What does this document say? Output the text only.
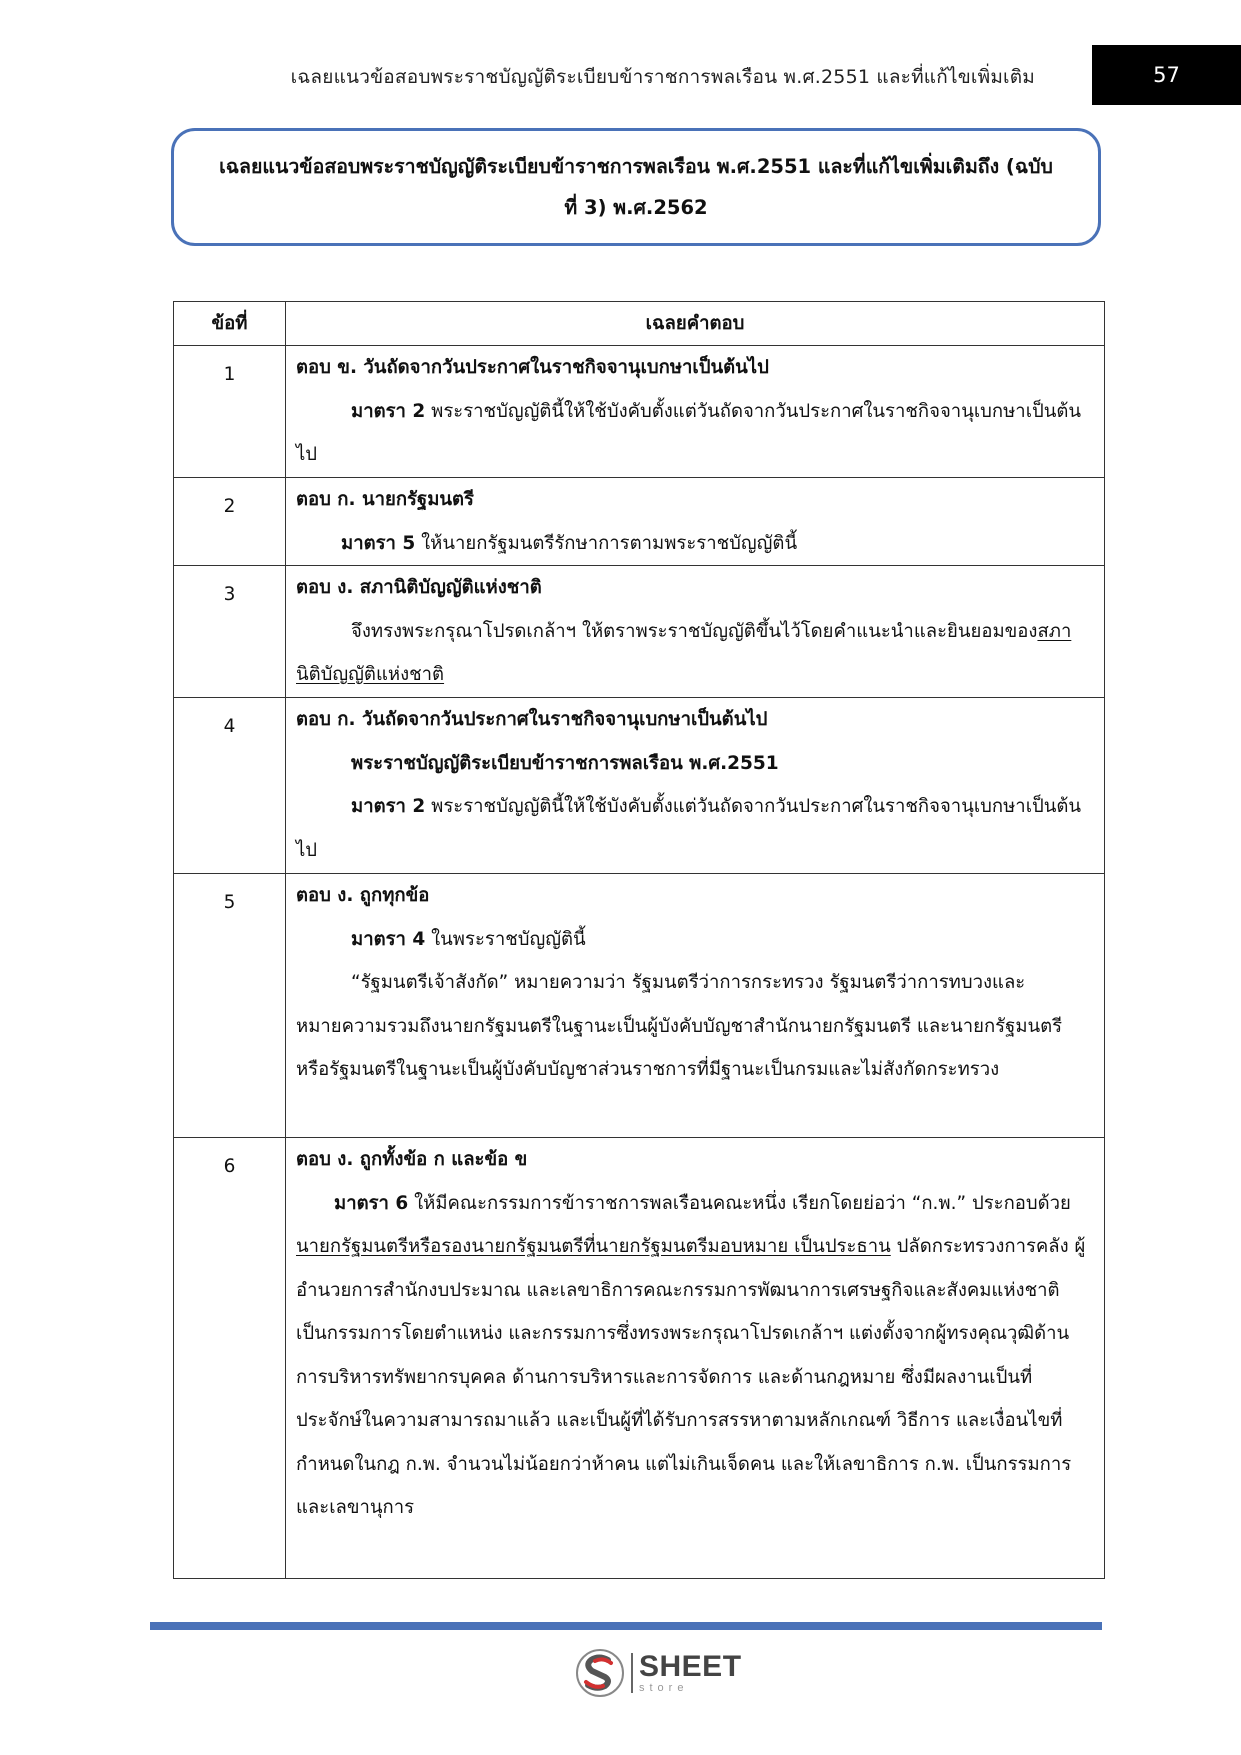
เฉลยแนวข้อสอบพระราชบัญญัติระเบียบข้าราชการพลเรือน พ.ศ.2551 และที่แก้ไขเพิ่มเติม	57
เฉลยแนวข้อสอบพระราชบัญญัติระเบียบข้าราชการพลเรือน พ.ศ.2551 และที่แก้ไขเพิ่มเติมถึง (ฉบับ
ที่ 3) พ.ศ.2562
ข้อที่	เฉลยคำตอบ
1	ตอบ ข. วันถัดจากวันประกาศในราชกิจจานุเบกษาเป็นต้นไป

มาตรา 2 พระราชบัญญัตินี้ให้ใช้บังคับตั้งแต่วันถัดจากวันประกาศในราชกิจจานุเบกษาเป็นต้นไป

2	ตอบ ก. นายกรัฐมนตรี

มาตรา 5 ให้นายกรัฐมนตรีรักษาการตามพระราชบัญญัตินี้

3	ตอบ ง. สภานิติบัญญัติแห่งชาติ

จึงทรงพระกรุณาโปรดเกล้าฯ ให้ตราพระราชบัญญัติขึ้นไว้โดยคำแนะนำและยินยอมของสภานิติบัญญัติแห่งชาติ

4	ตอบ ก. วันถัดจากวันประกาศในราชกิจจานุเบกษาเป็นต้นไป

พระราชบัญญัติระเบียบข้าราชการพลเรือน พ.ศ.2551

มาตรา 2 พระราชบัญญัตินี้ให้ใช้บังคับตั้งแต่วันถัดจากวันประกาศในราชกิจจานุเบกษาเป็นต้นไป

5	ตอบ ง. ถูกทุกข้อ

มาตรา 4 ในพระราชบัญญัตินี้

“รัฐมนตรีเจ้าสังกัด” หมายความว่า รัฐมนตรีว่าการกระทรวง รัฐมนตรีว่าการทบวงและหมายความรวมถึงนายกรัฐมนตรีในฐานะเป็นผู้บังคับบัญชาสำนักนายกรัฐมนตรี และนายกรัฐมนตรีหรือรัฐมนตรีในฐานะเป็นผู้บังคับบัญชาส่วนราชการที่มีฐานะเป็นกรมและไม่สังกัดกระทรวง

6	ตอบ ง. ถูกทั้งข้อ ก และข้อ ข

มาตรา 6 ให้มีคณะกรรมการข้าราชการพลเรือนคณะหนึ่ง เรียกโดยย่อว่า “ก.พ.” ประกอบด้วยนายกรัฐมนตรีหรือรองนายกรัฐมนตรีที่นายกรัฐมนตรีมอบหมาย เป็นประธาน ปลัดกระทรวงการคลัง ผู้อำนวยการสำนักงบประมาณ และเลขาธิการคณะกรรมการพัฒนาการเศรษฐกิจและสังคมแห่งชาติ เป็นกรรมการโดยตำแหน่ง และกรรมการซึ่งทรงพระกรุณาโปรดเกล้าฯ แต่งตั้งจากผู้ทรงคุณวุฒิด้านการบริหารทรัพยากรบุคคล ด้านการบริหารและการจัดการ และด้านกฎหมาย ซึ่งมีผลงานเป็นที่ประจักษ์ในความสามารถมาแล้ว และเป็นผู้ที่ได้รับการสรรหาตามหลักเกณฑ์ วิธีการ และเงื่อนไขที่กำหนดในกฎ ก.พ. จำนวนไม่น้อยกว่าห้าคน แต่ไม่เกินเจ็ดคน และให้เลขาธิการ ก.พ. เป็นกรรมการและเลขานุการ

SHEET
store
